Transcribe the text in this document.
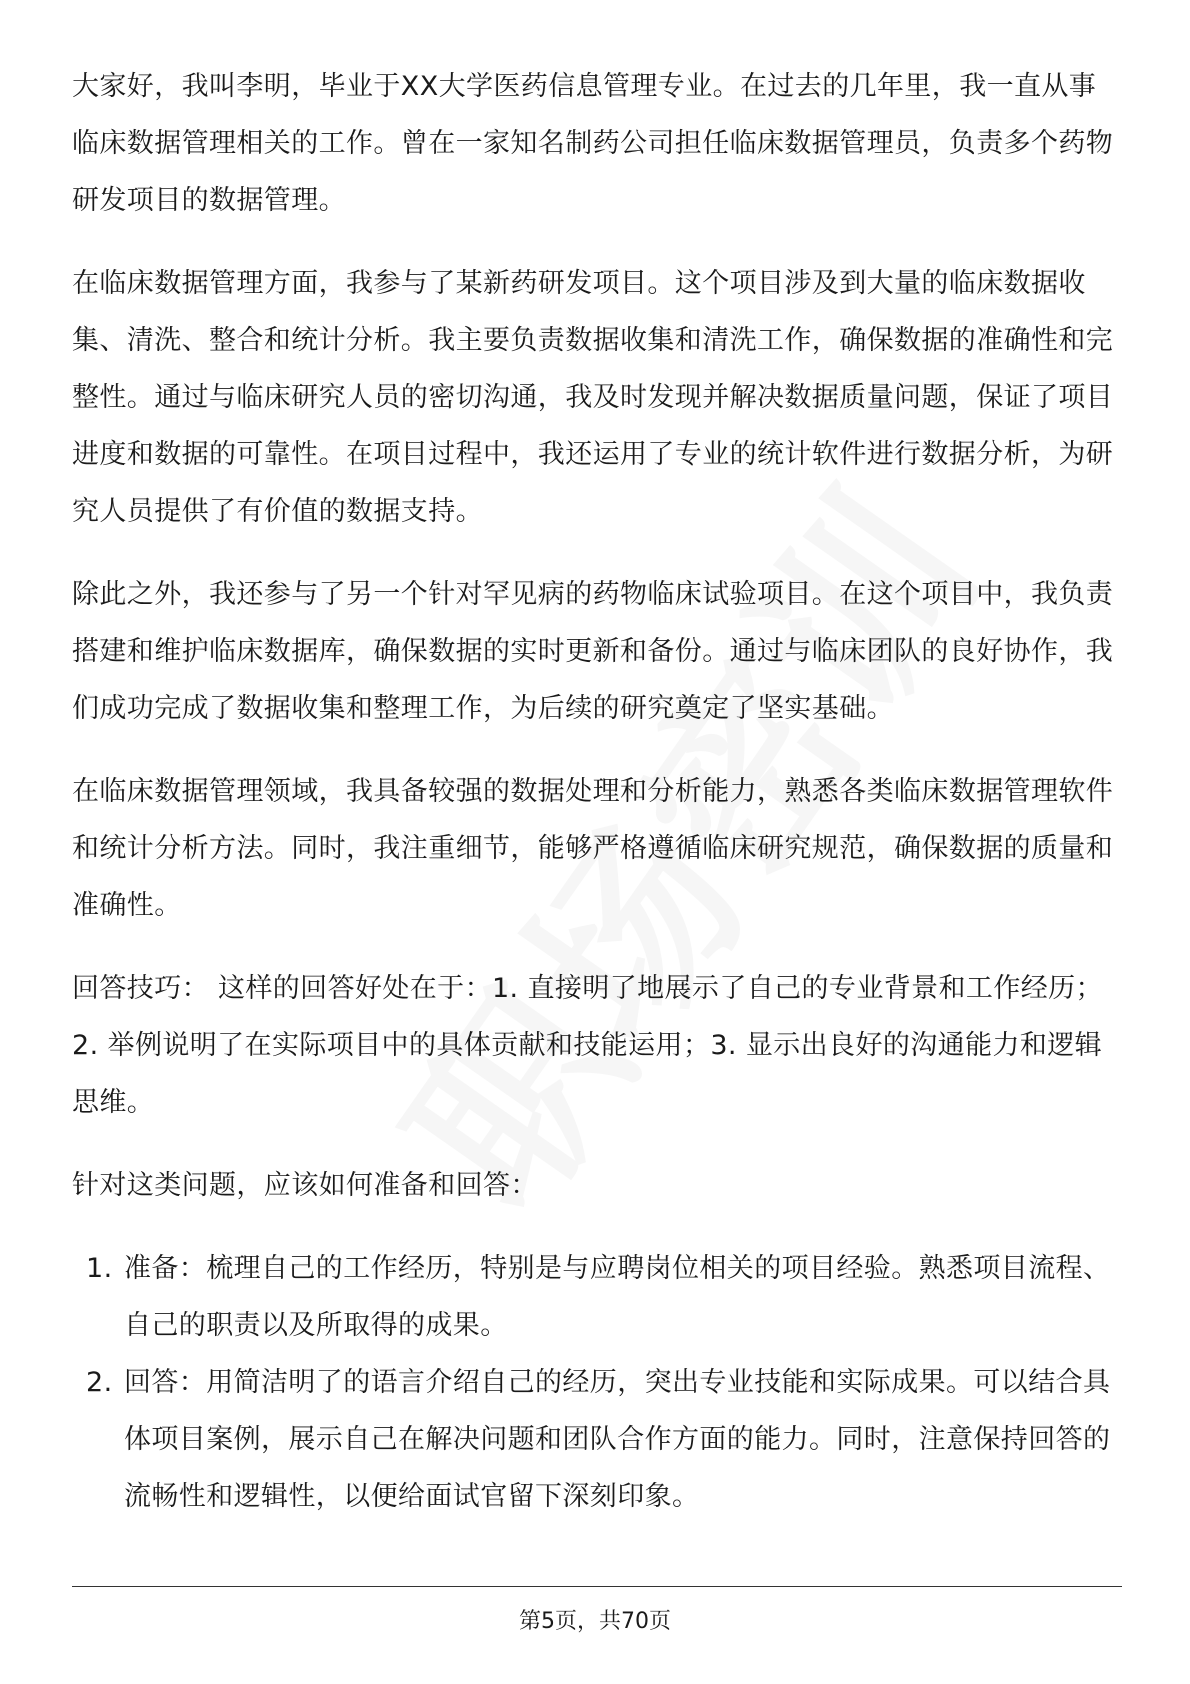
大家好，我叫李明，毕业于XX大学医药信息管理专业。在过去的几年里，我一直从事临床数据管理相关的工作。曾在一家知名制药公司担任临床数据管理员，负责多个药物研发项目的数据管理。

在临床数据管理方面，我参与了某新药研发项目。这个项目涉及到大量的临床数据收集、清洗、整合和统计分析。我主要负责数据收集和清洗工作，确保数据的准确性和完整性。通过与临床研究人员的密切沟通，我及时发现并解决数据质量问题，保证了项目进度和数据的可靠性。在项目过程中，我还运用了专业的统计软件进行数据分析，为研究人员提供了有价值的数据支持。

除此之外，我还参与了另一个针对罕见病的药物临床试验项目。在这个项目中，我负责搭建和维护临床数据库，确保数据的实时更新和备份。通过与临床团队的良好协作，我们成功完成了数据收集和整理工作，为后续的研究奠定了坚实基础。

在临床数据管理领域，我具备较强的数据处理和分析能力，熟悉各类临床数据管理软件和统计分析方法。同时，我注重细节，能够严格遵循临床研究规范，确保数据的质量和准确性。

回答技巧： 这样的回答好处在于：1. 直接明了地展示了自己的专业背景和工作经历；2. 举例说明了在实际项目中的具体贡献和技能运用；3. 显示出良好的沟通能力和逻辑思维。

针对这类问题，应该如何准备和回答：

1. 准备：梳理自己的工作经历，特别是与应聘岗位相关的项目经验。熟悉项目流程、自己的职责以及所取得的成果。
2. 回答：用简洁明了的语言介绍自己的经历，突出专业技能和实际成果。可以结合具体项目案例，展示自己在解决问题和团队合作方面的能力。同时，注意保持回答的流畅性和逻辑性，以便给面试官留下深刻印象。
第5页，共70页
